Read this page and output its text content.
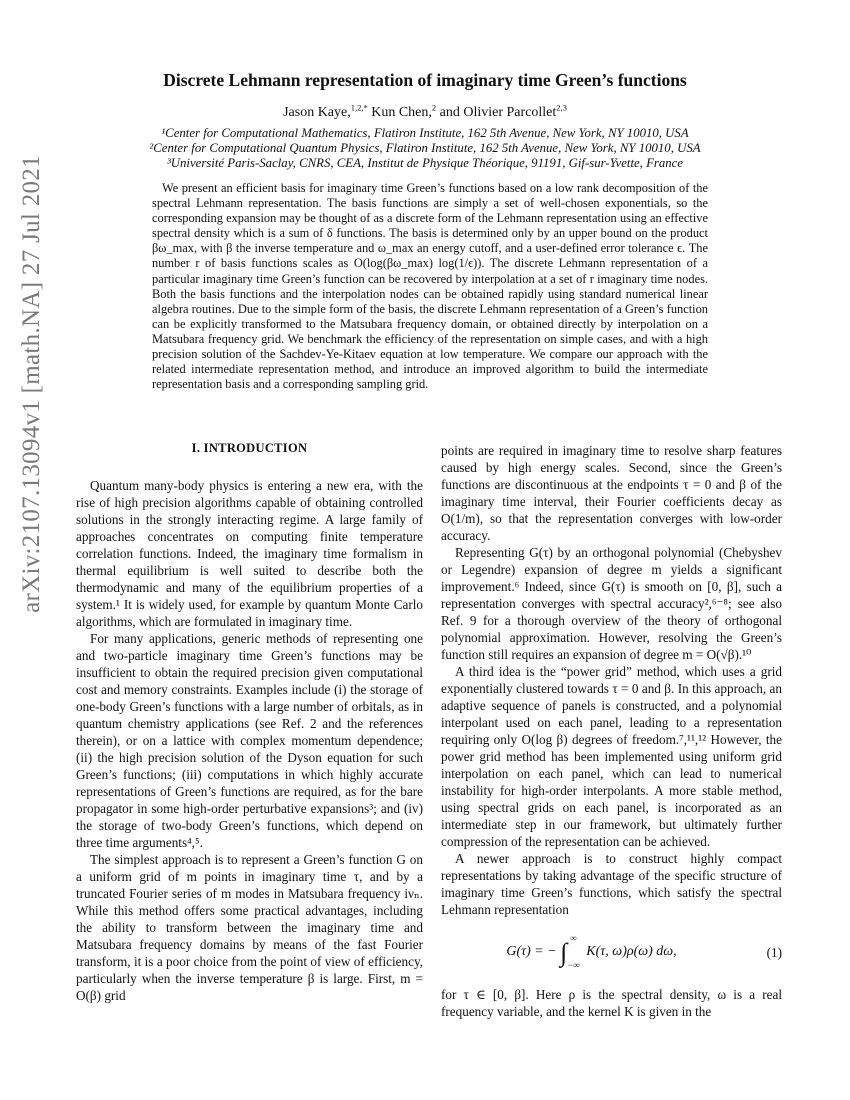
arXiv:2107.13094v1 [math.NA] 27 Jul 2021
Discrete Lehmann representation of imaginary time Green’s functions
Jason Kaye,$^{1,2,*}$ Kun Chen,$^2$ and Olivier Parcollet$^{2,3}$
¹Center for Computational Mathematics, Flatiron Institute, 162 5th Avenue, New York, NY 10010, USA
²Center for Computational Quantum Physics, Flatiron Institute, 162 5th Avenue, New York, NY 10010, USA
³Université Paris-Saclay, CNRS, CEA, Institut de Physique Théorique, 91191, Gif-sur-Yvette, France
We present an efficient basis for imaginary time Green’s functions based on a low rank decomposition of the spectral Lehmann representation. The basis functions are simply a set of well-chosen exponentials, so the corresponding expansion may be thought of as a discrete form of the Lehmann representation using an effective spectral density which is a sum of δ functions. The basis is determined only by an upper bound on the product βω_max, with β the inverse temperature and ω_max an energy cutoff, and a user-defined error tolerance ϵ. The number r of basis functions scales as O(log(βω_max) log(1/ϵ)). The discrete Lehmann representation of a particular imaginary time Green’s function can be recovered by interpolation at a set of r imaginary time nodes. Both the basis functions and the interpolation nodes can be obtained rapidly using standard numerical linear algebra routines. Due to the simple form of the basis, the discrete Lehmann representation of a Green’s function can be explicitly transformed to the Matsubara frequency domain, or obtained directly by interpolation on a Matsubara frequency grid. We benchmark the efficiency of the representation on simple cases, and with a high precision solution of the Sachdev-Ye-Kitaev equation at low temperature. We compare our approach with the related intermediate representation method, and introduce an improved algorithm to build the intermediate representation basis and a corresponding sampling grid.
I. INTRODUCTION

Quantum many-body physics is entering a new era, with the rise of high precision algorithms capable of obtaining controlled solutions in the strongly interacting regime. A large family of approaches concentrates on computing finite temperature correlation functions. Indeed, the imaginary time formalism in thermal equilibrium is well suited to describe both the thermodynamic and many of the equilibrium properties of a system.¹ It is widely used, for example by quantum Monte Carlo algorithms, which are formulated in imaginary time.

For many applications, generic methods of representing one and two-particle imaginary time Green’s functions may be insufficient to obtain the required precision given computational cost and memory constraints. Examples include (i) the storage of one-body Green’s functions with a large number of orbitals, as in quantum chemistry applications (see Ref. 2 and the references therein), or on a lattice with complex momentum dependence; (ii) the high precision solution of the Dyson equation for such Green’s functions; (iii) computations in which highly accurate representations of Green’s functions are required, as for the bare propagator in some high-order perturbative expansions³; and (iv) the storage of two-body Green’s functions, which depend on three time arguments⁴,⁵.

The simplest approach is to represent a Green’s function G on a uniform grid of m points in imaginary time τ, and by a truncated Fourier series of m modes in Matsubara frequency iνₙ. While this method offers some practical advantages, including the ability to transform between the imaginary time and Matsubara frequency domains by means of the fast Fourier transform, it is a poor choice from the point of view of efficiency, particularly when the inverse temperature β is large. First, m = O(β) grid

points are required in imaginary time to resolve sharp features caused by high energy scales. Second, since the Green’s functions are discontinuous at the endpoints τ = 0 and β of the imaginary time interval, their Fourier coefficients decay as O(1/m), so that the representation converges with low-order accuracy.

Representing G(τ) by an orthogonal polynomial (Chebyshev or Legendre) expansion of degree m yields a significant improvement.⁶ Indeed, since G(τ) is smooth on [0, β], such a representation converges with spectral accuracy²,⁶⁻⁸; see also Ref. 9 for a thorough overview of the theory of orthogonal polynomial approximation. However, resolving the Green’s function still requires an expansion of degree m = O(√β).¹⁰

A third idea is the “power grid” method, which uses a grid exponentially clustered towards τ = 0 and β. In this approach, an adaptive sequence of panels is constructed, and a polynomial interpolant used on each panel, leading to a representation requiring only O(log β) degrees of freedom.⁷,¹¹,¹² However, the power grid method has been implemented using uniform grid interpolation on each panel, which can lead to numerical instability for high-order interpolants. A more stable method, using spectral grids on each panel, is incorporated as an intermediate step in our framework, but ultimately further compression of the representation can be achieved.

A newer approach is to construct highly compact representations by taking advantage of the specific structure of imaginary time Green’s functions, which satisfy the spectral Lehmann representation

G(τ) = − ∫ ∞
−∞
K(τ, ω)ρ(ω) dω,	(1)

for τ ∈ [0, β]. Here ρ is the spectral density, ω is a real frequency variable, and the kernel K is given in the
